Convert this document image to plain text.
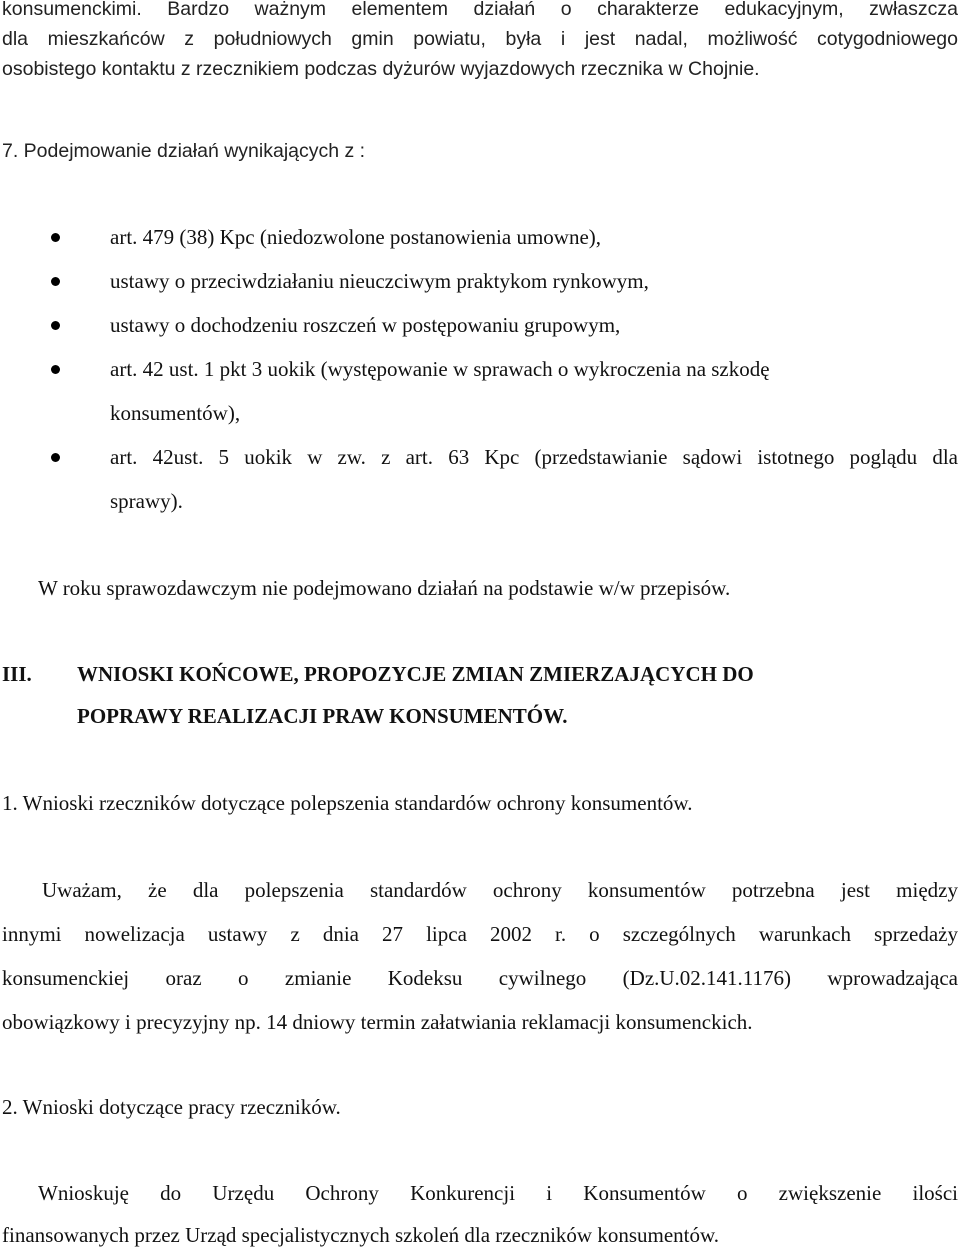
konsumenckimi. Bardzo ważnym elementem działań o charakterze edukacyjnym, zwłaszcza
dla mieszkańców z południowych gmin powiatu, była i jest nadal, możliwość cotygodniowego
osobistego kontaktu z rzecznikiem podczas dyżurów wyjazdowych rzecznika w Chojnie.
7. Podejmowanie działań wynikających z :
art. 479 (38) Kpc (niedozwolone postanowienia umowne),
ustawy o przeciwdziałaniu nieuczciwym praktykom rynkowym,
ustawy o dochodzeniu roszczeń w postępowaniu grupowym,
art. 42 ust. 1 pkt 3 uokik (występowanie w sprawach o wykroczenia na szkodę
konsumentów),
art. 42ust. 5 uokik w zw. z art. 63 Kpc (przedstawianie sądowi istotnego poglądu dla
sprawy).
W roku sprawozdawczym nie podejmowano działań na podstawie w/w przepisów.
III. WNIOSKI KOŃCOWE, PROPOZYCJE ZMIAN ZMIERZAJĄCYCH DO
POPRAWY REALIZACJI PRAW KONSUMENTÓW.
1. Wnioski rzeczników dotyczące polepszenia standardów ochrony konsumentów.
Uważam, że dla polepszenia standardów ochrony konsumentów potrzebna jest między
innymi nowelizacja ustawy z dnia 27 lipca 2002 r. o szczególnych warunkach sprzedaży
konsumenckiej oraz o zmianie Kodeksu cywilnego (Dz.U.02.141.1176) wprowadzająca
obowiązkowy i precyzyjny np. 14 dniowy termin załatwiania reklamacji konsumenckich.
2. Wnioski dotyczące pracy rzeczników.
Wnioskuję do Urzędu Ochrony Konkurencji i Konsumentów o zwiększenie ilości
finansowanych przez Urząd specjalistycznych szkoleń dla rzeczników konsumentów.
